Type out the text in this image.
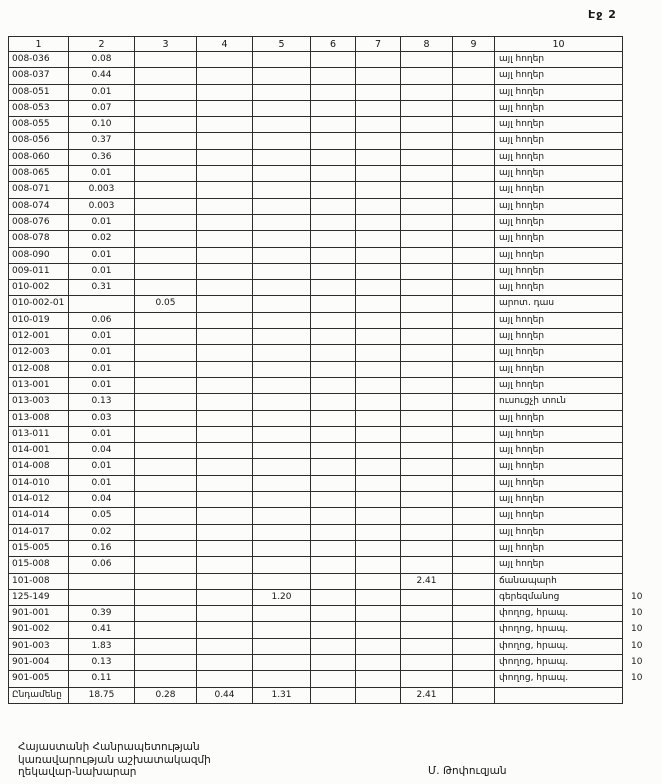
Էջ 2
1	2	3	4	5	6	7	8	9	10	
008-036	0.08								այլ հողեր	
008-037	0.44								այլ հողեր	
008-051	0.01								այլ հողեր	
008-053	0.07								այլ հողեր	
008-055	0.10								այլ հողեր	
008-056	0.37								այլ հողեր	
008-060	0.36								այլ հողեր	
008-065	0.01								այլ հողեր	
008-071	0.003								այլ հողեր	
008-074	0.003								այլ հողեր	
008-076	0.01								այլ հողեր	
008-078	0.02								այլ հողեր	
008-090	0.01								այլ հողեր	
009-011	0.01								այլ հողեր	
010-002	0.31								այլ հողեր	
010-002-01		0.05							արոտ. դաս	
010-019	0.06								այլ հողեր	
012-001	0.01								այլ հողեր	
012-003	0.01								այլ հողեր	
012-008	0.01								այլ հողեր	
013-001	0.01								այլ հողեր	
013-003	0.13								ուսուցչի տուն	
013-008	0.03								այլ հողեր	
013-011	0.01								այլ հողեր	
014-001	0.04								այլ հողեր	
014-008	0.01								այլ հողեր	
014-010	0.01								այլ հողեր	
014-012	0.04								այլ հողեր	
014-014	0.05								այլ հողեր	
014-017	0.02								այլ հողեր	
015-005	0.16								այլ հողեր	
015-008	0.06								այլ հողեր	
101-008							2.41		ճանապարհ	
125-149				1.20					գերեզմանոց	10
901-001	0.39								փողոց, հրապ.	10
901-002	0.41								փողոց, հրապ.	10
901-003	1.83								փողոց, հրապ.	10
901-004	0.13								փողոց, հրապ.	10
901-005	0.11								փողոց, հրապ.	10
Ընդամենը	18.75	0.28	0.44	1.31			2.41			
Հայաստանի Հանրապետության
կառավարության աշխատակազմի
ղեկավար-նախարար	Մ. Թոփուզյան
